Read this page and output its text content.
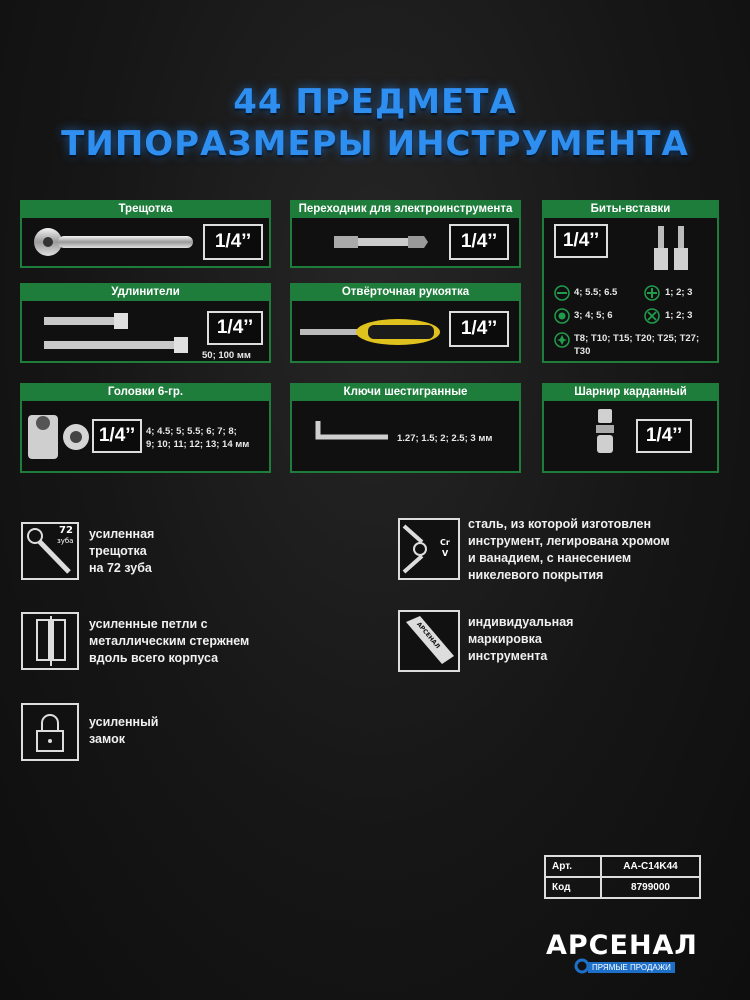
44 ПРЕДМЕТА
ТИПОРАЗМЕРЫ ИНСТРУМЕНТА
Трещотка
1/4’’
Переходник для электроинструмента
1/4’’
Биты-вставки
1/4’’
4; 5.5; 6.5	1; 2; 3
3; 4; 5; 6	1; 2; 3
T8; T10; T15; T20; T25; T27;
T30
Удлинители
1/4’’
50; 100 мм
Отвёрточная рукоятка
1/4’’
Головки 6-гр.
1/4’’	4; 4.5; 5; 5.5; 6; 7; 8;
9; 10; 11; 12; 13; 14 мм
Ключи шестигранные
1.27; 1.5; 2; 2.5; 3 мм
Шарнир карданный
1/4’’
72
зуба усиленная
трещотка
на 72 зуба
Cr
V
сталь, из которой изготовлен
инструмент, легирована хромом
и ванадием, с нанесением
никелевого покрытия
усиленные петли с
металлическим стержнем
вдоль всего корпуса
АРСЕНАЛ индивидуальная
маркировка
инструмента
усиленный
замок
Арт.	AA-C14K44
Код	8799000
АРСЕНАЛ
ПРЯМЫЕ ПРОДАЖИ
